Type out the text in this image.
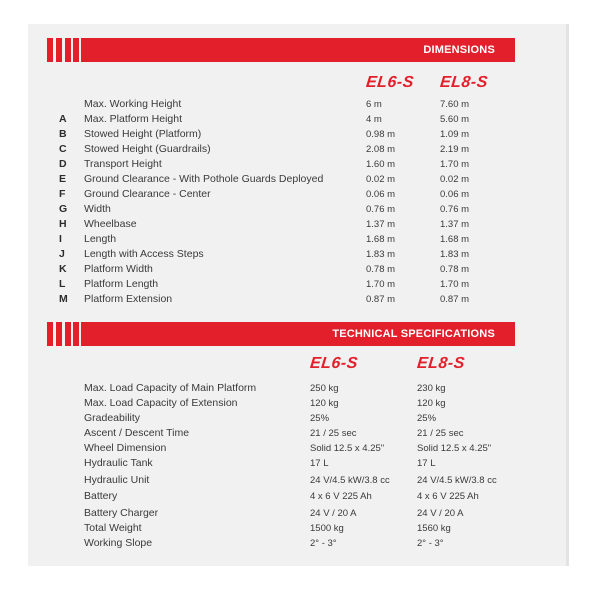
DIMENSIONS
EL6-S EL8-S
Max. Working Height	6 m	7.60 m
A Max. Platform Height	4 m	5.60 m
B Stowed Height (Platform)	0.98 m	1.09 m
C Stowed Height (Guardrails)	2.08 m	2.19 m
D Transport Height	1.60 m	1.70 m
E Ground Clearance - With Pothole Guards Deployed	0.02 m	0.02 m
F Ground Clearance - Center	0.06 m	0.06 m
G Width	0.76 m	0.76 m
H Wheelbase	1.37 m	1.37 m
I Length	1.68 m	1.68 m
J Length with Access Steps	1.83 m	1.83 m
K Platform Width	0.78 m	0.78 m
L Platform Length	1.70 m	1.70 m
M Platform Extension	0.87 m	0.87 m
TECHNICAL SPECIFICATIONS
EL6-S	EL8-S
Max. Load Capacity of Main Platform	250 kg	230 kg
Max. Load Capacity of Extension	120 kg	120 kg
Gradeability	25%	25%
Ascent / Descent Time	21 / 25 sec	21 / 25 sec
Wheel Dimension	Solid 12.5 x 4.25"	Solid 12.5 x 4.25"
Hydraulic Tank	17 L	17 L
Hydraulic Unit	24 V/4.5 kW/3.8 cc	24 V/4.5 kW/3.8 cc
Battery	4 x 6 V 225 Ah	4 x 6 V 225 Ah
Battery Charger	24 V / 20 A	24 V / 20 A
Total Weight	1500 kg	1560 kg
Working Slope	2° - 3°	2° - 3°
